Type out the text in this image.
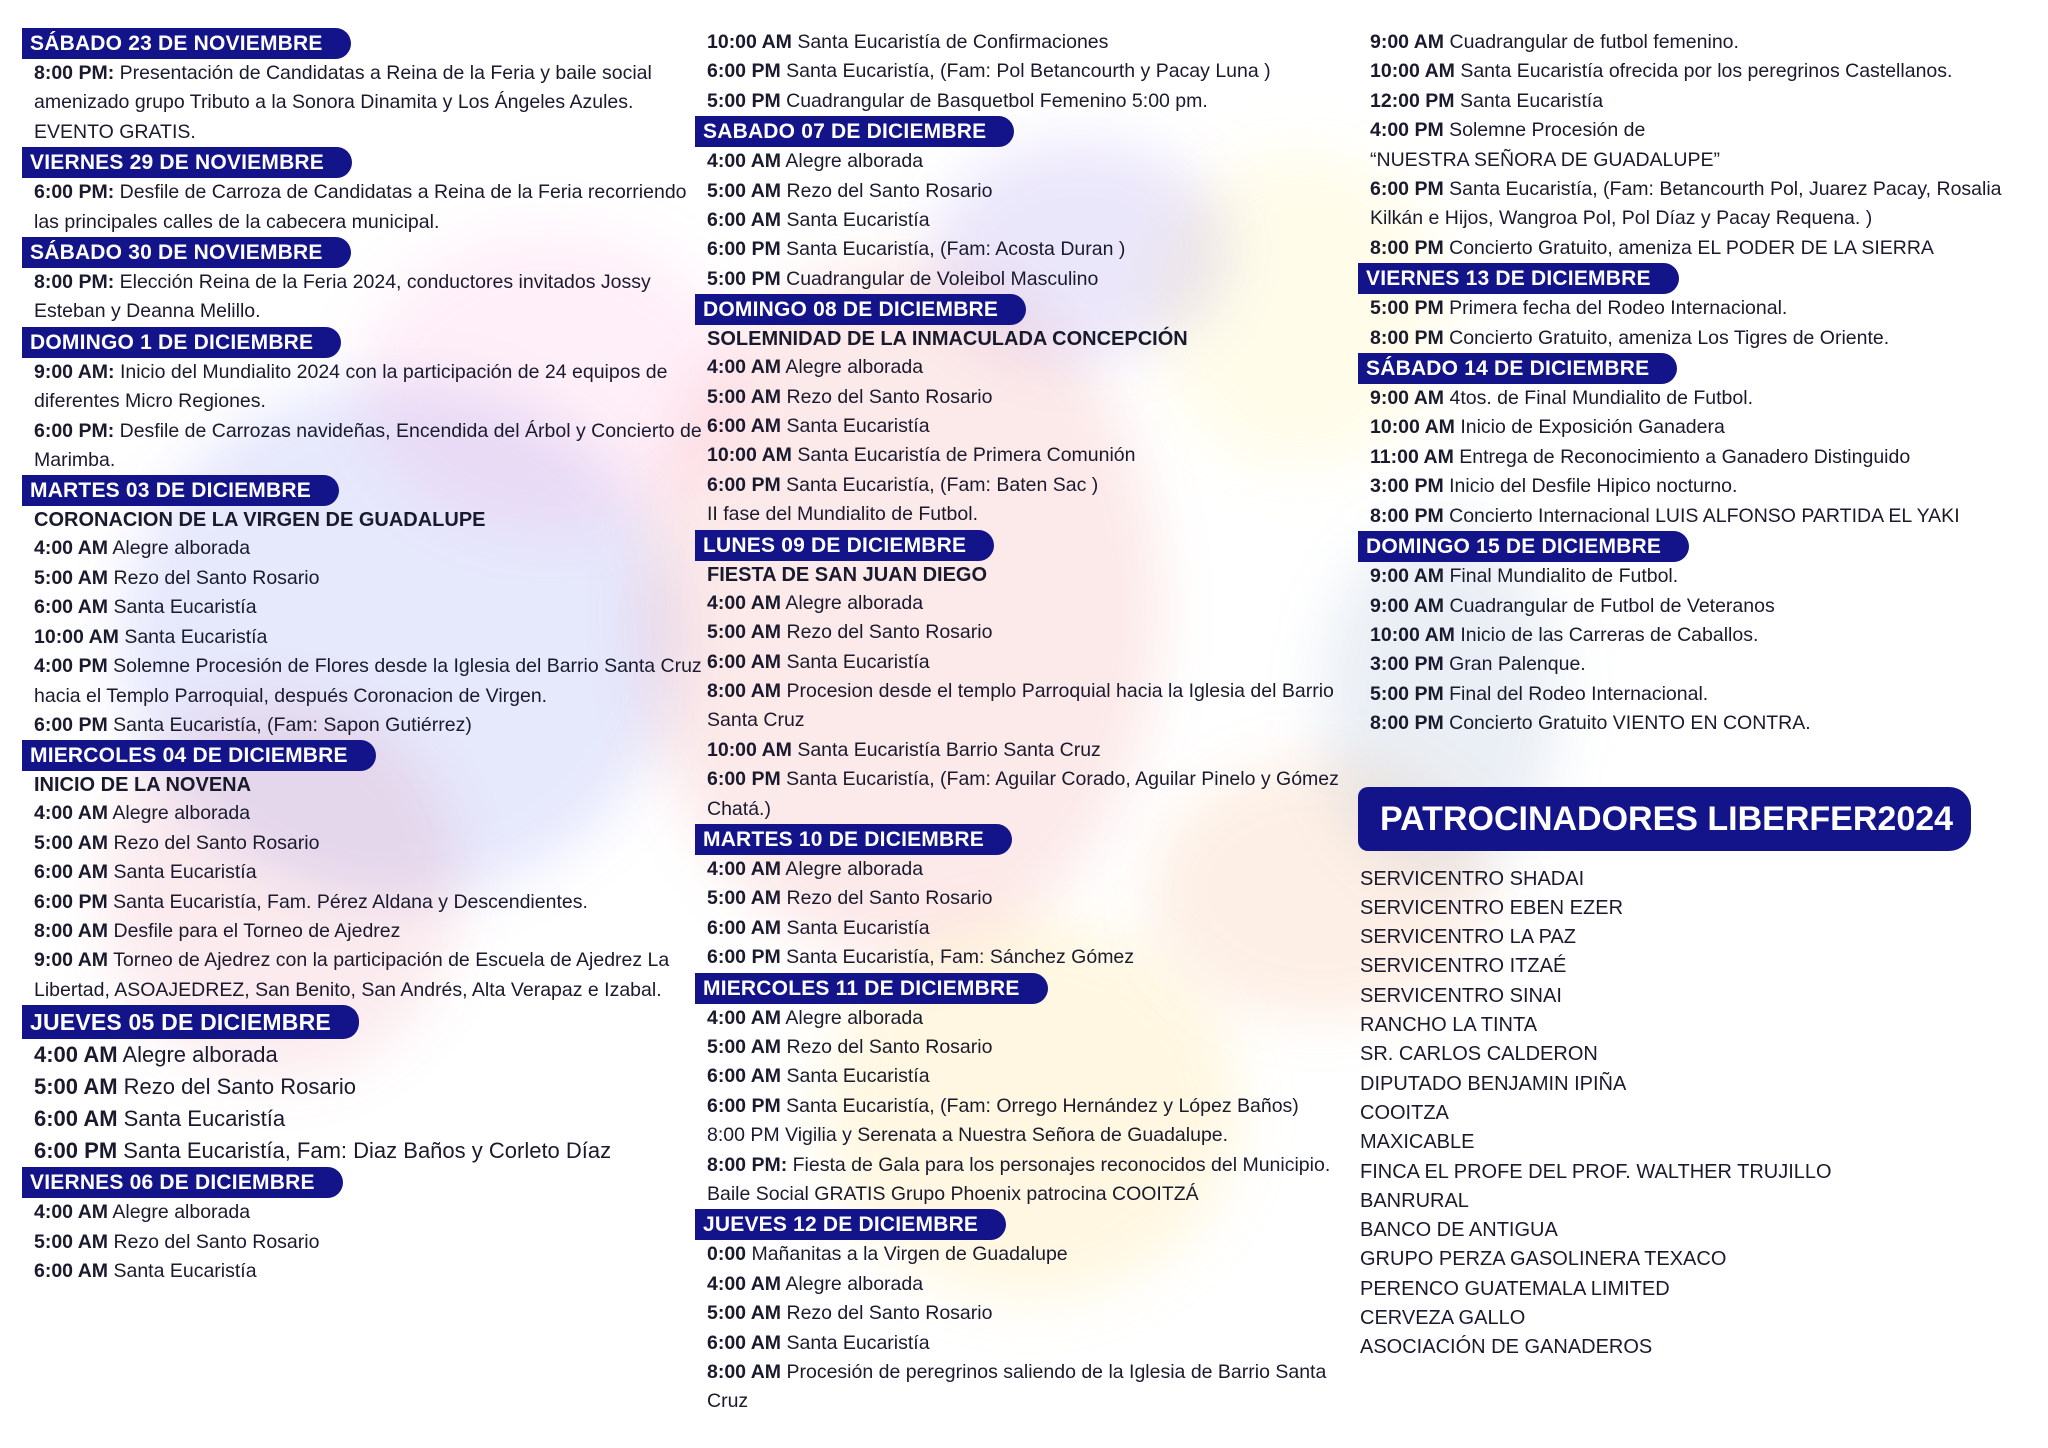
SÁBADO 23 DE NOVIEMBRE
8:00 PM: Presentación de Candidatas a Reina de la Feria y baile social amenizado grupo Tributo a la Sonora Dinamita y Los Ángeles Azules. EVENTO GRATIS.
VIERNES 29 DE NOVIEMBRE
6:00 PM: Desfile de Carroza de Candidatas a Reina de la Feria recorriendo las principales calles de la cabecera municipal.
SÁBADO 30 DE NOVIEMBRE
8:00 PM: Elección Reina de la Feria 2024, conductores invitados Jossy Esteban y Deanna Melillo.
DOMINGO 1 DE DICIEMBRE
9:00 AM: Inicio del Mundialito 2024 con la participación de 24 equipos de diferentes Micro Regiones.
6:00 PM: Desfile de Carrozas navideñas, Encendida del Árbol y Concierto de Marimba.
MARTES 03 DE DICIEMBRE
CORONACION DE LA VIRGEN DE GUADALUPE
4:00 AM Alegre alborada
5:00 AM Rezo del Santo Rosario
6:00 AM Santa Eucaristía
10:00 AM Santa Eucaristía
4:00 PM Solemne Procesión de Flores desde la Iglesia del Barrio Santa Cruz hacia el Templo Parroquial, después Coronacion de Virgen.
6:00 PM Santa Eucaristía, (Fam: Sapon Gutiérrez)
MIERCOLES 04 DE DICIEMBRE
INICIO DE LA NOVENA
4:00 AM Alegre alborada
5:00 AM Rezo del Santo Rosario
6:00 AM Santa Eucaristía
6:00 PM Santa Eucaristía, Fam. Pérez Aldana y Descendientes.
8:00 AM Desfile para el Torneo de Ajedrez
9:00 AM Torneo de Ajedrez con la participación de Escuela de Ajedrez La Libertad, ASOAJEDREZ, San Benito, San Andrés, Alta Verapaz e Izabal.
JUEVES 05 DE DICIEMBRE
4:00 AM Alegre alborada
5:00 AM Rezo del Santo Rosario
6:00 AM Santa Eucaristía
6:00 PM Santa Eucaristía, Fam: Diaz Baños y Corleto Díaz
VIERNES 06 DE DICIEMBRE
4:00 AM Alegre alborada
5:00 AM Rezo del Santo Rosario
6:00 AM Santa Eucaristía
10:00 AM Santa Eucaristía de Confirmaciones
6:00 PM Santa Eucaristía, (Fam: Pol Betancourth y Pacay Luna )
5:00 PM Cuadrangular de Basquetbol Femenino 5:00 pm.
SABADO 07 DE DICIEMBRE
4:00 AM Alegre alborada
5:00 AM Rezo del Santo Rosario
6:00 AM Santa Eucaristía
6:00 PM Santa Eucaristía, (Fam: Acosta Duran )
5:00 PM Cuadrangular de Voleibol Masculino
DOMINGO 08 DE DICIEMBRE
SOLEMNIDAD DE LA INMACULADA CONCEPCIÓN
4:00 AM Alegre alborada
5:00 AM Rezo del Santo Rosario
6:00 AM Santa Eucaristía
10:00 AM Santa Eucaristía de Primera Comunión
6:00 PM Santa Eucaristía, (Fam: Baten Sac )
II fase del Mundialito de Futbol.
LUNES 09 DE DICIEMBRE
FIESTA DE SAN JUAN DIEGO
4:00 AM Alegre alborada
5:00 AM Rezo del Santo Rosario
6:00 AM Santa Eucaristía
8:00 AM Procesion desde el templo Parroquial hacia la Iglesia del Barrio Santa Cruz
10:00 AM Santa Eucaristía Barrio Santa Cruz
6:00 PM Santa Eucaristía, (Fam: Aguilar Corado, Aguilar Pinelo y Gómez Chatá.)
MARTES 10 DE DICIEMBRE
4:00 AM Alegre alborada
5:00 AM Rezo del Santo Rosario
6:00 AM Santa Eucaristía
6:00 PM Santa Eucaristía, Fam: Sánchez Gómez
MIERCOLES 11 DE DICIEMBRE
4:00 AM Alegre alborada
5:00 AM Rezo del Santo Rosario
6:00 AM Santa Eucaristía
6:00 PM Santa Eucaristía, (Fam: Orrego Hernández y López Baños)
8:00 PM Vigilia y Serenata a Nuestra Señora de Guadalupe.
8:00 PM: Fiesta de Gala para los personajes reconocidos del Municipio. Baile Social GRATIS Grupo Phoenix patrocina COOITZÁ
JUEVES 12 DE DICIEMBRE
0:00 Mañanitas a la Virgen de Guadalupe
4:00 AM Alegre alborada
5:00 AM Rezo del Santo Rosario
6:00 AM Santa Eucaristía
8:00 AM Procesión de peregrinos saliendo de la Iglesia de Barrio Santa Cruz
9:00 AM Cuadrangular de futbol femenino.
10:00 AM Santa Eucaristía ofrecida por los peregrinos Castellanos.
12:00 PM Santa Eucaristía
4:00 PM Solemne Procesión de
“NUESTRA SEÑORA DE GUADALUPE”
6:00 PM Santa Eucaristía, (Fam: Betancourth Pol, Juarez Pacay, Rosalia Kilkán e Hijos, Wangroa Pol, Pol Díaz y Pacay Requena. )
8:00 PM Concierto Gratuito, ameniza EL PODER DE LA SIERRA
VIERNES 13 DE DICIEMBRE
5:00 PM Primera fecha del Rodeo Internacional.
8:00 PM Concierto Gratuito, ameniza Los Tigres de Oriente.
SÁBADO 14 DE DICIEMBRE
9:00 AM 4tos. de Final Mundialito de Futbol.
10:00 AM Inicio de Exposición Ganadera
11:00 AM Entrega de Reconocimiento a Ganadero Distinguido
3:00 PM Inicio del Desfile Hipico nocturno.
8:00 PM Concierto Internacional LUIS ALFONSO PARTIDA EL YAKI
DOMINGO 15 DE DICIEMBRE
9:00 AM Final Mundialito de Futbol.
9:00 AM Cuadrangular de Futbol de Veteranos
10:00 AM Inicio de las Carreras de Caballos.
3:00 PM Gran Palenque.
5:00 PM Final del Rodeo Internacional.
8:00 PM Concierto Gratuito VIENTO EN CONTRA.
PATROCINADORES LIBERFER2024
SERVICENTRO SHADAI
SERVICENTRO EBEN EZER
SERVICENTRO LA PAZ
SERVICENTRO ITZAÉ
SERVICENTRO SINAI
RANCHO LA TINTA
SR. CARLOS CALDERON
DIPUTADO BENJAMIN IPIÑA
COOITZA
MAXICABLE
FINCA EL PROFE DEL PROF. WALTHER TRUJILLO
BANRURAL
BANCO DE ANTIGUA
GRUPO PERZA GASOLINERA TEXACO
PERENCO GUATEMALA LIMITED
CERVEZA GALLO
ASOCIACIÓN DE GANADEROS
